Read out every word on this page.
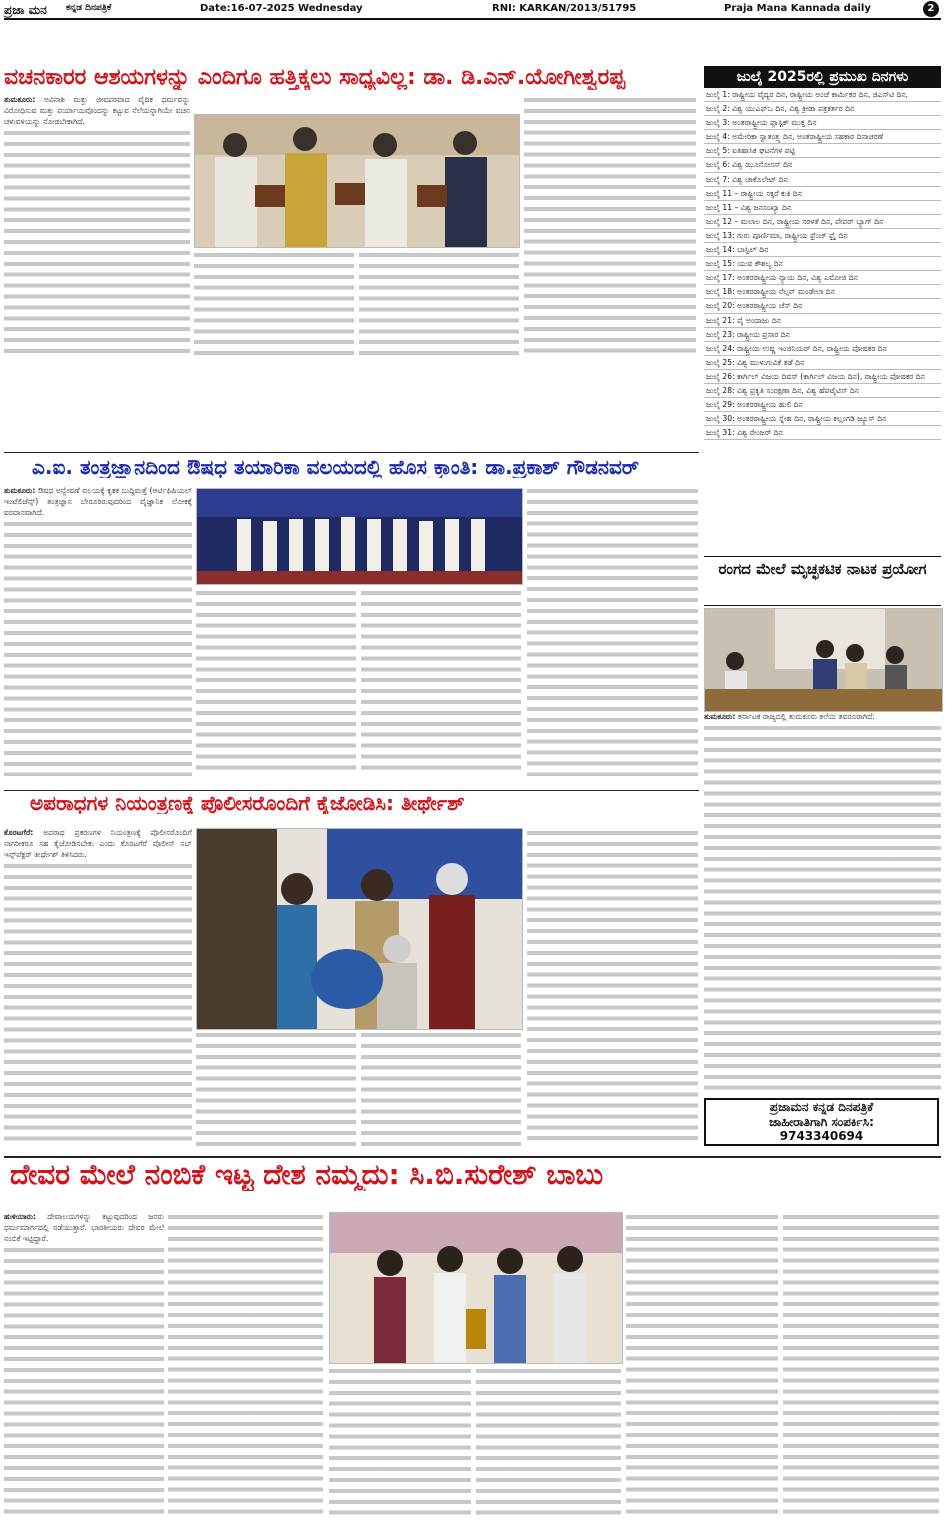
ಪ್ರಜಾ ಮನ ಕನ್ನಡ ದಿನಪತ್ರಿಕೆ	Date:16-07-2025 Wednesday	RNI: KARKAN/2013/51795	Praja Mana Kannada daily	2
ವಚನಕಾರರ ಆಶಯಗಳನ್ನು ಎಂದಿಗೂ ಹತ್ತಿಕ್ಕಲು ಸಾಧ್ಯವಿಲ್ಲ: ಡಾ. ಡಿ.ಎನ್.ಯೋಗೀಶ್ವರಪ್ಪ
ತುಮಕೂರು: ಅವಿನಾಶಿ ಮತ್ತು ಜೀವಪರವಾದ ವೈದಿಕ ಧರ್ಮವನ್ನು ವಿರೋಧಿಸುವ ಮತ್ತು ಪರ್ಯಾಯವೊಂದನ್ನು ಕಟ್ಟುವ ನೆಲೆಯನ್ನಾಗಿಯೇ ವಚನ ಚಳುವಳಿಯನ್ನು ನೋಡಬೇಕಾಗಿದೆ.
ಎ.ಐ. ತಂತ್ರಜ್ಞಾನದಿಂದ ಔಷಧ ತಯಾರಿಕಾ ವಲಯದಲ್ಲಿ ಹೊಸ ಕ್ರಾಂತಿ: ಡಾ.ಪ್ರಕಾಶ್ ಗೌಡನವರ್
ತುಮಕೂರು: ಔಷಧ ಅನ್ವೇಷಣೆ ವಲಯಕ್ಕೆ ಕೃತಕ ಬುದ್ದಿಮತ್ತೆ (ಆರ್ಟಿಫಿಷಿಯಲ್ ಇಂಟೆಲಿಜೆನ್ಸ್) ತಂತ್ರಜ್ಞಾನ ಬೇರೂರಿರುವುದರಿಂದ ವೈಜ್ಞಾನಿಕ ಲೋಕಕ್ಕೆ ವರದಾನವಾಗಿದೆ.
ಅಪರಾಧಗಳ ನಿಯಂತ್ರಣಕ್ಕೆ ಪೊಲೀಸರೊಂದಿಗೆ ಕೈಜೋಡಿಸಿ: ತೀರ್ಥೇಶ್
ಕೊರಟಗೆರೆ: ಅಪರಾಧ ಪ್ರಕರಣಗಳ ನಿಯಂತ್ರಣಕ್ಕೆ ಪೊಲೀಸರೊಂದಿಗೆ ನಾಗರೀಕರೂ ಸಹ ಕೈಜೋಡಿಸಬೇಕು ಎಂದು ಕೊರಟಗೆರೆ ಪೊಲೀಸ್ ಸಬ್ ಇನ್ಸ್‌ಪೆಕ್ಟರ್ ತೀರ್ಥೇಶ್ ತಿಳಿಸಿದರು.
ಜುಲೈ 2025ರಲ್ಲಿ ಪ್ರಮುಖ ದಿನಗಳು
ಜುಲೈ 1: ರಾಷ್ಟ್ರೀಯ ವೈದ್ಯರ ದಿನ, ರಾಷ್ಟ್ರೀಯ ಅಂಚೆ ಕಾರ್ಮಿಕರ ದಿನ, ಜಿಎಸ್‌ಟಿ ದಿನ,
ಜುಲೈ 2: ವಿಶ್ವ ಯುಎಫ್‌ಒ ದಿನ, ವಿಶ್ವ ಕ್ರೀಡಾ ಪತ್ರಕರ್ತರ ದಿನ
ಜುಲೈ 3: ಅಂತರಾಷ್ಟ್ರೀಯ ಪ್ಲಾಸ್ಟಿಕ್ ಮುಕ್ತ ದಿನ
ಜುಲೈ 4: ಅಮೇರಿಕಾ ಸ್ವಾತಂತ್ರ್ಯ ದಿನ, ಅಂತರಾಷ್ಟ್ರೀಯ ಸಹಕಾರ ದಿನಾಚರಣೆ
ಜುಲೈ 5: ಐತಿಹಾಸಿಕ ಘಟನೆಗಳ ಪಟ್ಟಿ
ಜುಲೈ 6: ವಿಶ್ವ ಝೂನೋಸಸ್ ದಿನ
ಜುಲೈ 7: ವಿಶ್ವ ಚಾಕೊಲೇಟ್ ದಿನ
ಜುಲೈ 11 – ರಾಷ್ಟ್ರೀಯ ಸಕ್ಕರೆ ಕುಕಿ ದಿನ
ಜುಲೈ 11 – ವಿಶ್ವ ಜನಸಂಖ್ಯಾ ದಿನ
ಜುಲೈ 12 – ಮಲಾಲ ದಿನ, ರಾಷ್ಟ್ರೀಯ ಸರಳತೆ ದಿನ, ಪೇಪರ್ ಬ್ಯಾಗ್ ದಿನ
ಜುಲೈ 13: ಗುರು ಪೂರ್ಣಿಮಾ, ರಾಷ್ಟ್ರೀಯ ಫ್ರೆಂಚ್ ಫ್ರೈ ದಿನ
ಜುಲೈ 14: ಬಾಸ್ಟಿಲ್ ದಿನ
ಜುಲೈ 15: ಯುವ ಕೌಶಲ್ಯ ದಿನ
ಜುಲೈ 17: ಅಂತರರಾಷ್ಟ್ರೀಯ ನ್ಯಾಯ ದಿನ, ವಿಶ್ವ ಎಮೋಜಿ ದಿನ
ಜುಲೈ 18: ಅಂತರರಾಷ್ಟ್ರೀಯ ನೆಲ್ಸನ್ ಮಂಡೇಲಾ ದಿನ
ಜುಲೈ 20: ಅಂತರರಾಷ್ಟ್ರೀಯ ಚೆಸ್ ದಿನ
ಜುಲೈ 21: ಪೈ ಅಂದಾಜು ದಿನ
ಜುಲೈ 23: ರಾಷ್ಟ್ರೀಯ ಪ್ರಸಾರ ದಿನ
ಜುಲೈ 24: ರಾಷ್ಟ್ರೀಯ ಉಷ್ಣ ಇಂಜಿನಿಯರ್ ದಿನ, ರಾಷ್ಟ್ರೀಯ ಪೋಷಕರ ದಿನ
ಜುಲೈ 25: ವಿಶ್ವ ಮುಳುಗುವಿಕೆ ತಡೆ ದಿನ
ಜುಲೈ 26: ಕಾರ್ಗಿಲ್ ವಿಜಯ ದಿವಸ್ (ಕಾರ್ಗಿಲ್ ವಿಜಯ ದಿನ), ರಾಷ್ಟ್ರೀಯ ಪೋಷಕರ ದಿನ
ಜುಲೈ 28: ವಿಶ್ವ ಪ್ರಕೃತಿ ಸಂರಕ್ಷಣಾ ದಿನ, ವಿಶ್ವ ಹೆಪಟೈಟಿಸ್ ದಿನ
ಜುಲೈ 29: ಅಂತರರಾಷ್ಟ್ರೀಯ ಹುಲಿ ದಿನ
ಜುಲೈ 30: ಅಂತರರಾಷ್ಟ್ರೀಯ ಸ್ನೇಹ ದಿನ, ರಾಷ್ಟ್ರೀಯ ಕಲ್ಲಂಗಡಿ ಜ್ಯೂಸ್ ದಿನ
ಜುಲೈ 31: ವಿಶ್ವ ರೇಂಜರ್ ದಿನ
ರಂಗದ ಮೇಲೆ ಮೃಚ್ಛಕಟಿಕ ನಾಟಕ ಪ್ರಯೋಗ
ತುಮಕೂರು: ಕರ್ನಾಟಕ ರಾಜ್ಯದಲ್ಲಿ ತುಮಕೂರು ಕಲೆಯ ತವರೂರಾಗಿದೆ.
ಪ್ರಜಾಮನ ಕನ್ನಡ ದಿನಪತ್ರಿಕೆ
ಜಾಹೀರಾತಿಗಾಗಿ ಸಂಪರ್ಕಿಸಿ:
9743340694
ದೇವರ ಮೇಲೆ ನಂಬಿಕೆ ಇಟ್ಟ ದೇಶ ನಮ್ಮದು: ಸಿ.ಬಿ.ಸುರೇಶ್ ಬಾಬು
ಹುಳಿಯಾರು: ದೇವಾಲಯಗಳನ್ನು ಕಟ್ಟುವುದರಿಂದ ಜನರು ಧರ್ಮಮಾರ್ಗದಲ್ಲಿ ನಡೆಯುತ್ತಾರೆ. ಭಾರತೀಯರು ದೇವರ ಮೇಲೆ ನಂಬಿಕೆ ಇಟ್ಟಿದ್ದಾರೆ.
